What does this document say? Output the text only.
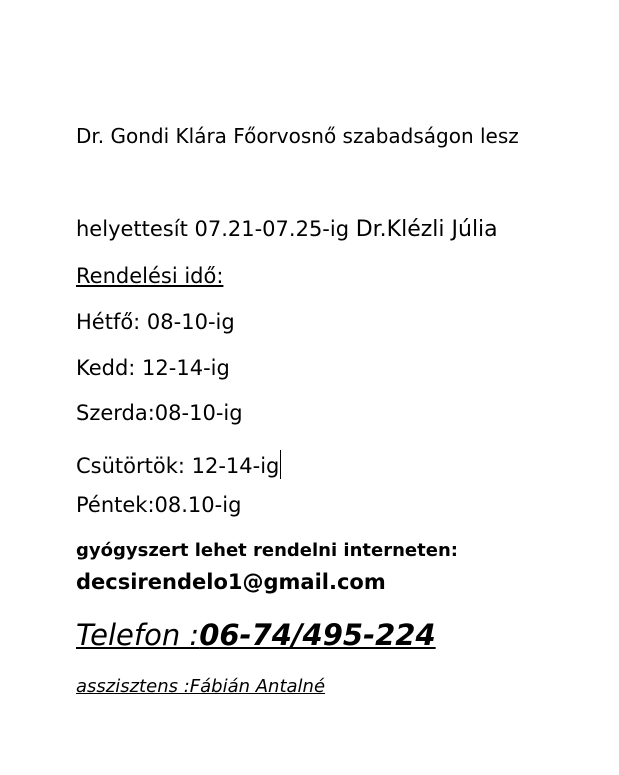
Dr. Gondi Klára Főorvosnő szabadságon lesz
helyettesít 07.21-07.25-ig Dr.Klézli Júlia
Rendelési idő:
Hétfő: 08-10-ig
Kedd: 12-14-ig
Szerda:08-10-ig
Csütörtök: 12-14-ig
Péntek:08.10-ig
gyógyszert lehet rendelni interneten:
decsirendelo1@gmail.com
Telefon :06-74/495-224
asszisztens :Fábián Antalné
